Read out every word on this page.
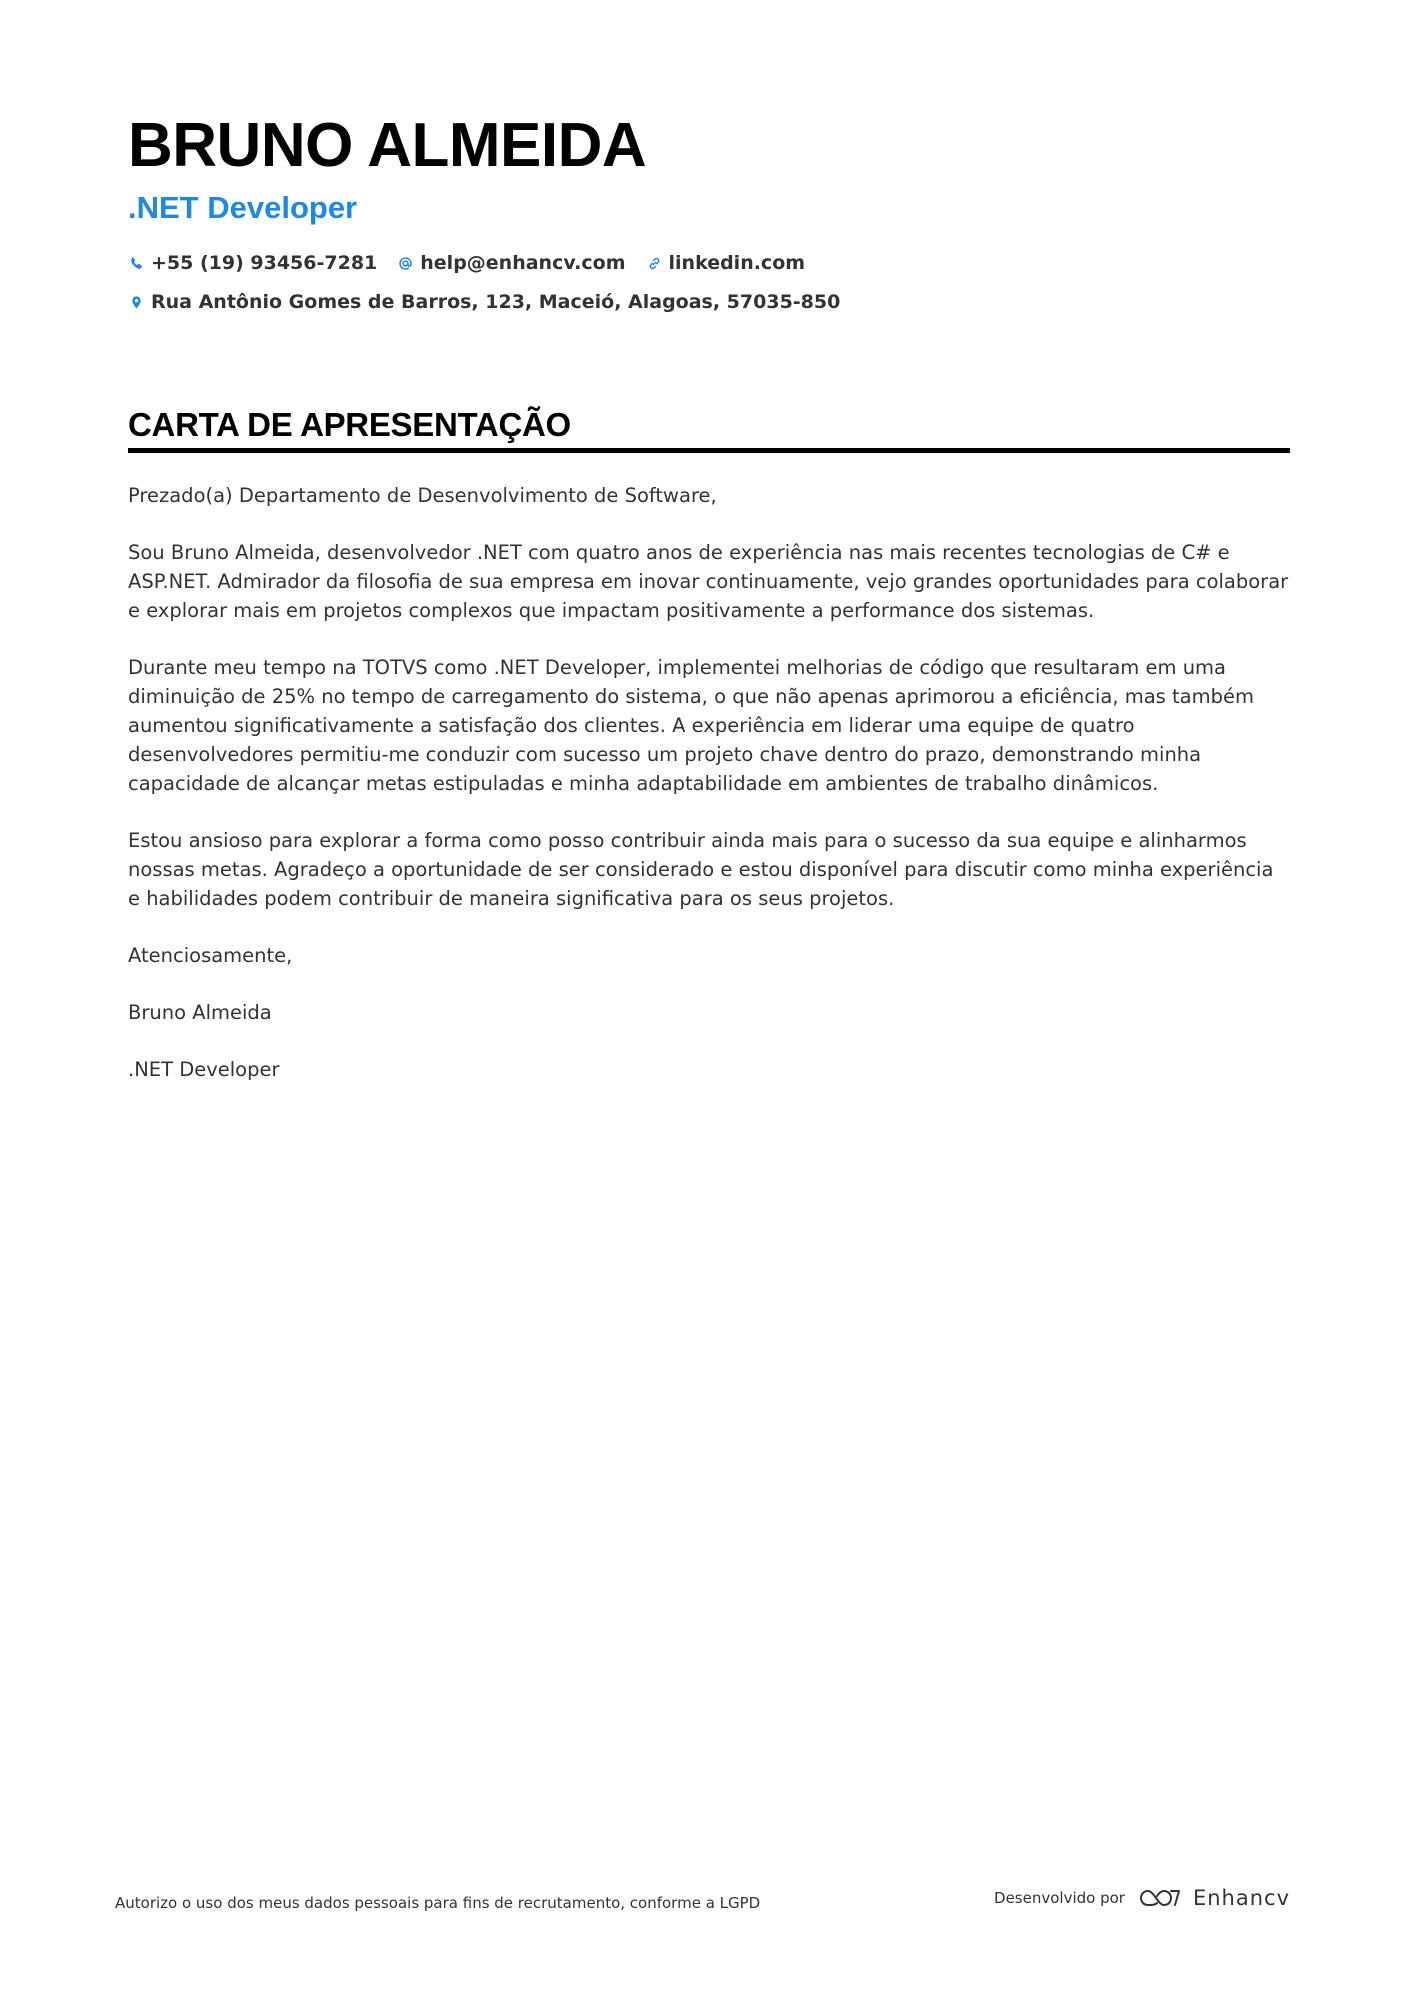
BRUNO ALMEIDA
.NET Developer
+55 (19) 93456-7281 help@enhancv.com linkedin.com
Rua Antônio Gomes de Barros, 123, Maceió, Alagoas, 57035-850
CARTA DE APRESENTAÇÃO

Prezado(a) Departamento de Desenvolvimento de Software,

Sou Bruno Almeida, desenvolvedor .NET com quatro anos de experiência nas mais recentes tecnologias de C# e ASP.NET. Admirador da filosofia de sua empresa em inovar continuamente, vejo grandes oportunidades para colaborar e explorar mais em projetos complexos que impactam positivamente a performance dos sistemas.

Durante meu tempo na TOTVS como .NET Developer, implementei melhorias de código que resultaram em uma diminuição de 25% no tempo de carregamento do sistema, o que não apenas aprimorou a eficiência, mas também aumentou significativamente a satisfação dos clientes. A experiência em liderar uma equipe de quatro desenvolvedores permitiu-me conduzir com sucesso um projeto chave dentro do prazo, demonstrando minha capacidade de alcançar metas estipuladas e minha adaptabilidade em ambientes de trabalho dinâmicos.

Estou ansioso para explorar a forma como posso contribuir ainda mais para o sucesso da sua equipe e alinharmos nossas metas. Agradeço a oportunidade de ser considerado e estou disponível para discutir como minha experiência e habilidades podem contribuir de maneira significativa para os seus projetos.

Atenciosamente,

Bruno Almeida

.NET Developer

Autorizo o uso dos meus dados pessoais para fins de recrutamento, conforme a LGPD	Desenvolvido por	Enhancv
